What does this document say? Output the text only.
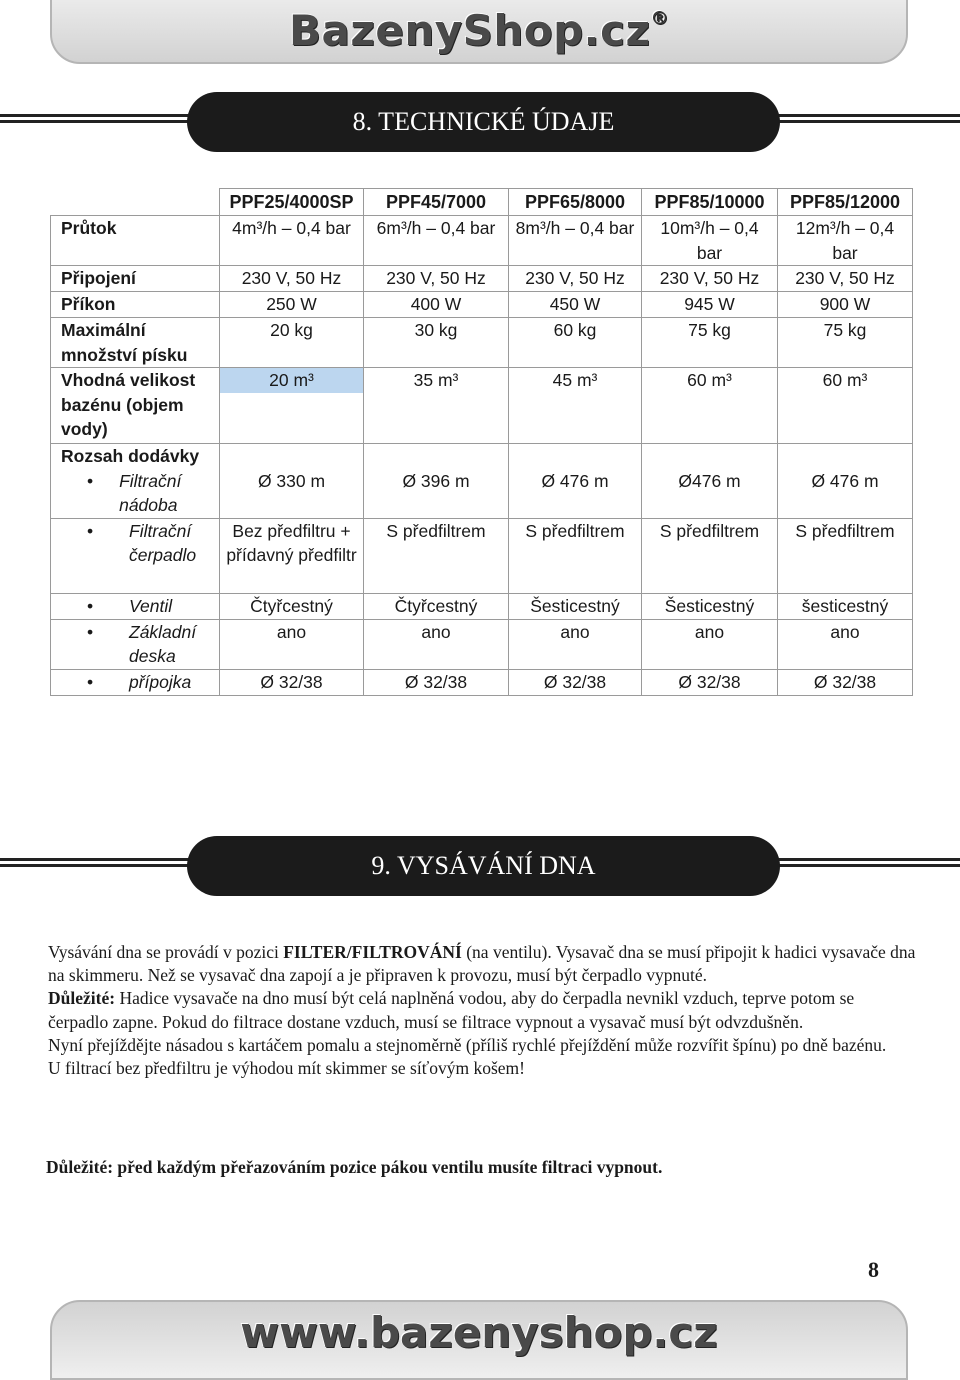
BazenyShop.cz®
8. TECHNICKÉ ÚDAJE
	PPF25/4000SP	PPF45/7000	PPF65/8000	PPF85/10000	PPF85/12000
Průtok	4m³/h – 0,4 bar	6m³/h – 0,4 bar	8m³/h – 0,4 bar	10m³/h – 0,4 bar	12m³/h – 0,4 bar
Připojení	230 V, 50 Hz	230 V, 50 Hz	230 V, 50 Hz	230 V, 50 Hz	230 V, 50 Hz
Příkon	250 W	400 W	450 W	945 W	900 W
Maximální množství písku	20 kg	30 kg	60 kg	75 kg	75 kg
Vhodná velikost bazénu (objem vody)	20 m³	35 m³	45 m³	60 m³	60 m³

Rozsah dodávky
• Filtrační nádoba	Ø 330 m	Ø 396 m	Ø 476 m	Ø476 m	Ø 476 m

• Filtrační čerpadlo	Bez předfiltru + přídavný předfiltr	S předfiltrem	S předfiltrem	S předfiltrem	S předfiltrem

• Ventil	Čtyřcestný	Čtyřcestný	Šesticestný	Šesticestný	šesticestný

• Základní deska	ano	ano	ano	ano	ano

• přípojka	Ø 32/38	Ø 32/38	Ø 32/38	Ø 32/38	Ø 32/38
9. VYSÁVÁNÍ DNA

Vysávání dna se provádí v pozici FILTER/FILTROVÁNÍ (na ventilu). Vysavač dna se musí připojit k hadici vysavače dna na skimmeru. Než se vysavač dna zapojí a je připraven k provozu, musí být čerpadlo vypnuté.

Důležité: Hadice vysavače na dno musí být celá naplněná vodou, aby do čerpadla nevnikl vzduch, teprve potom se čerpadlo zapne. Pokud do filtrace dostane vzduch, musí se filtrace vypnout a vysavač musí být odvzdušněn.

Nyní přejíždějte násadou s kartáčem pomalu a stejnoměrně (příliš rychlé přejíždění může rozvířit špínu) po dně bazénu.

U filtrací bez předfiltru je výhodou mít skimmer se síťovým košem!

Důležité: před každým přeřazováním pozice pákou ventilu musíte filtraci vypnout.
8
www.bazenyshop.cz
